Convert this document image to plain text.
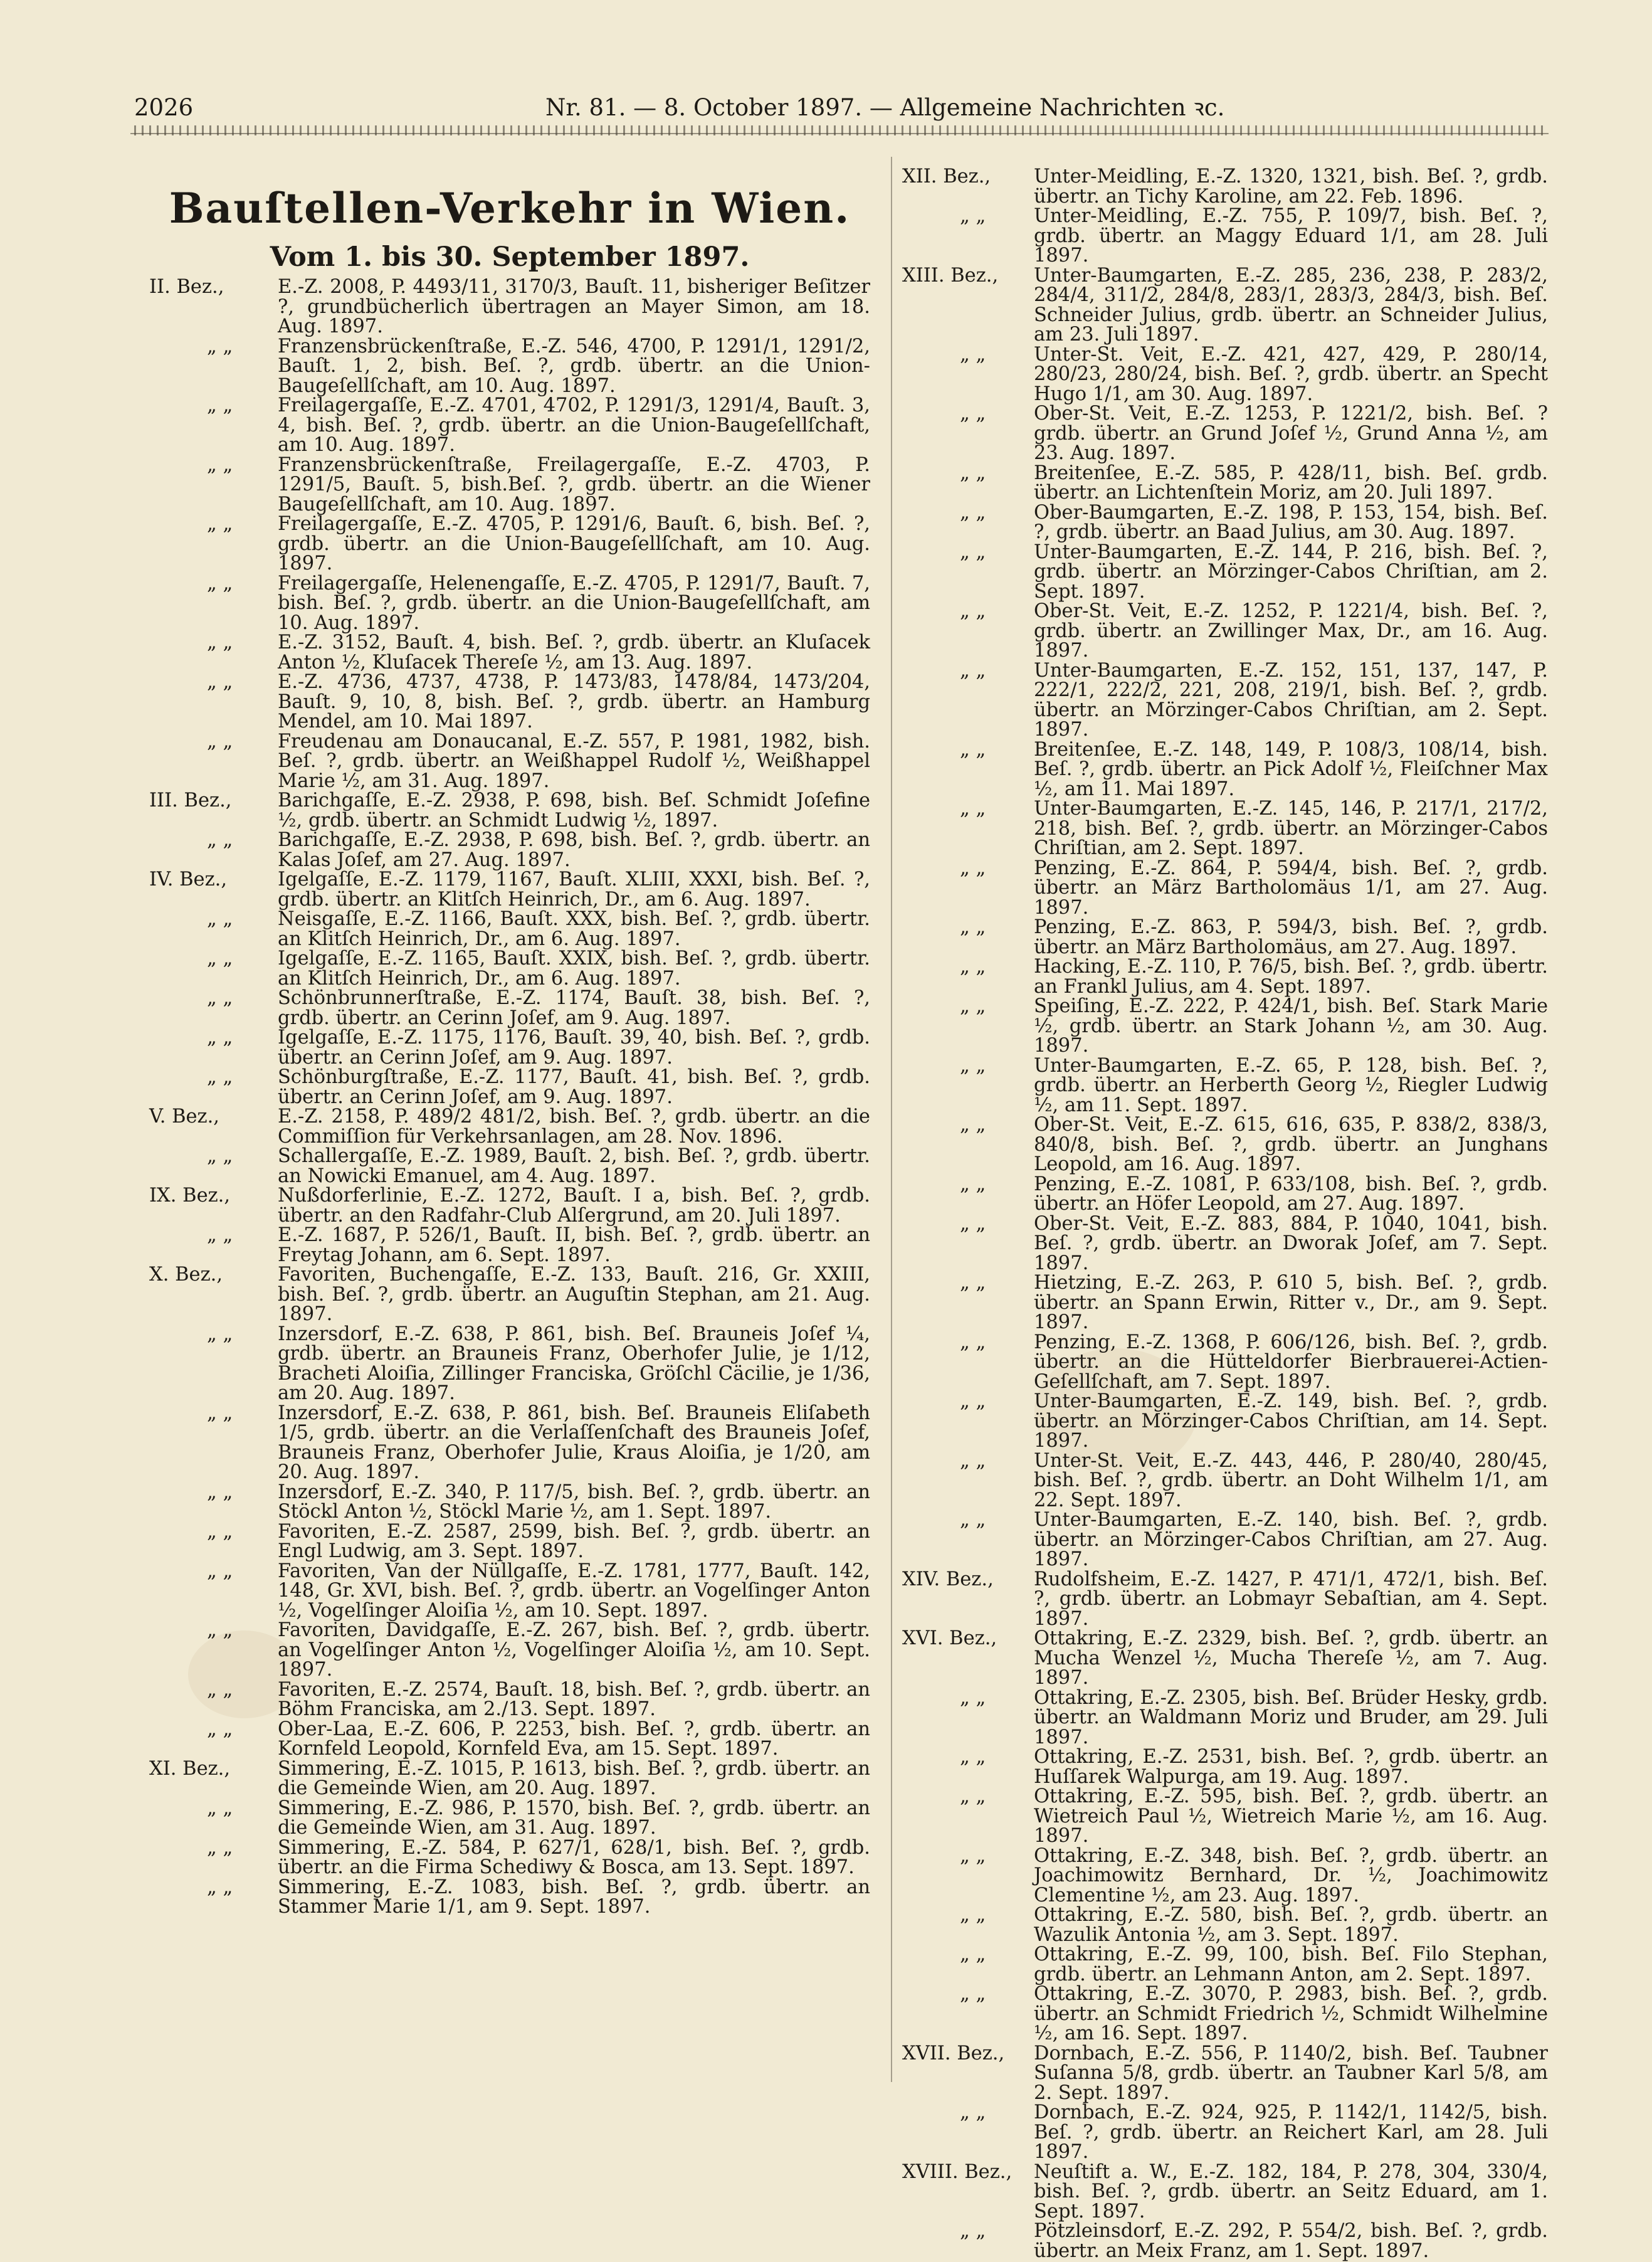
2026	Nr. 81. — 8. October 1897. — Allgemeine Nachrichten ꝛc.
Bauſtellen-Verkehr in Wien.
Vom 1. bis 30. September 1897.
II. Bez.,	E.-Z. 2008, P. 4493/11, 3170/3, Bauſt. 11, bisheriger Beſitzer ?, grundbücherlich übertragen an Mayer Simon, am 18. Aug. 1897.
„ „	Franzensbrückenſtraße, E.-Z. 546, 4700, P. 1291/1, 1291/2, Bauſt. 1, 2, bish. Beſ. ?, grdb. übertr. an die Union-Baugeſellſchaft, am 10. Aug. 1897.
„ „	Freilagergaſſe, E.-Z. 4701, 4702, P. 1291/3, 1291/4, Bauſt. 3, 4, bish. Beſ. ?, grdb. übertr. an die Union-Baugeſellſchaft, am 10. Aug. 1897.
„ „	Franzensbrückenſtraße, Freilagergaſſe, E.-Z. 4703, P. 1291/5, Bauſt. 5, bish.Beſ. ?, grdb. übertr. an die Wiener Baugeſellſchaft, am 10. Aug. 1897.
„ „	Freilagergaſſe, E.-Z. 4705, P. 1291/6, Bauſt. 6, bish. Beſ. ?, grdb. übertr. an die Union-Baugeſellſchaft, am 10. Aug. 1897.
„ „	Freilagergaſſe, Helenengaſſe, E.-Z. 4705, P. 1291/7, Bauſt. 7, bish. Beſ. ?, grdb. übertr. an die Union-Baugeſellſchaft, am 10. Aug. 1897.
„ „	E.-Z. 3152, Bauſt. 4, bish. Beſ. ?, grdb. übertr. an Kluſacek Anton ½, Kluſacek Thereſe ½, am 13. Aug. 1897.
„ „	E.-Z. 4736, 4737, 4738, P. 1473/83, 1478/84, 1473/204, Bauſt. 9, 10, 8, bish. Beſ. ?, grdb. übertr. an Hamburg Mendel, am 10. Mai 1897.
„ „	Freudenau am Donaucanal, E.-Z. 557, P. 1981, 1982, bish. Beſ. ?, grdb. übertr. an Weißhappel Rudolf ½, Weißhappel Marie ½, am 31. Aug. 1897.
III. Bez.,	Barichgaſſe, E.-Z. 2938, P. 698, bish. Beſ. Schmidt Joſefine ½, grdb. übertr. an Schmidt Ludwig ½, 1897.
„ „	Barichgaſſe, E.-Z. 2938, P. 698, bish. Beſ. ?, grdb. übertr. an Kalas Joſef, am 27. Aug. 1897.
IV. Bez.,	Igelgaſſe, E.-Z. 1179, 1167, Bauſt. XLIII, XXXI, bish. Beſ. ?, grdb. übertr. an Klitſch Heinrich, Dr., am 6. Aug. 1897.
„ „	Neisgaſſe, E.-Z. 1166, Bauſt. XXX, bish. Beſ. ?, grdb. übertr. an Klitſch Heinrich, Dr., am 6. Aug. 1897.
„ „	Igelgaſſe, E.-Z. 1165, Bauſt. XXIX, bish. Beſ. ?, grdb. übertr. an Klitſch Heinrich, Dr., am 6. Aug. 1897.
„ „	Schönbrunnerſtraße, E.-Z. 1174, Bauſt. 38, bish. Beſ. ?, grdb. übertr. an Cerinn Joſef, am 9. Aug. 1897.
„ „	Igelgaſſe, E.-Z. 1175, 1176, Bauſt. 39, 40, bish. Beſ. ?, grdb. übertr. an Cerinn Joſef, am 9. Aug. 1897.
„ „	Schönburgſtraße, E.-Z. 1177, Bauſt. 41, bish. Beſ. ?, grdb. übertr. an Cerinn Joſef, am 9. Aug. 1897.
V. Bez.,	E.-Z. 2158, P. 489/2 481/2, bish. Beſ. ?, grdb. übertr. an die Commiſſion für Verkehrsanlagen, am 28. Nov. 1896.
„ „	Schallergaſſe, E.-Z. 1989, Bauſt. 2, bish. Beſ. ?, grdb. übertr. an Nowicki Emanuel, am 4. Aug. 1897.
IX. Bez.,	Nußdorferlinie, E.-Z. 1272, Bauſt. I a, bish. Beſ. ?, grdb. übertr. an den Radfahr-Club Alſergrund, am 20. Juli 1897.
„ „	E.-Z. 1687, P. 526/1, Bauſt. II, bish. Beſ. ?, grdb. übertr. an Freytag Johann, am 6. Sept. 1897.
X. Bez.,	Favoriten, Buchengaſſe, E.-Z. 133, Bauſt. 216, Gr. XXIII, bish. Beſ. ?, grdb. übertr. an Auguſtin Stephan, am 21. Aug. 1897.
„ „	Inzersdorf, E.-Z. 638, P. 861, bish. Beſ. Brauneis Joſef ¼, grdb. übertr. an Brauneis Franz, Oberhofer Julie, je 1/12, Bracheti Aloiſia, Zillinger Franciska, Gröſchl Cäcilie, je 1/36, am 20. Aug. 1897.
„ „	Inzersdorf, E.-Z. 638, P. 861, bish. Beſ. Brauneis Eliſabeth 1/5, grdb. übertr. an die Verlaſſenſchaft des Brauneis Joſef, Brauneis Franz, Oberhofer Julie, Kraus Aloiſia, je 1/20, am 20. Aug. 1897.
„ „	Inzersdorf, E.-Z. 340, P. 117/5, bish. Beſ. ?, grdb. übertr. an Stöckl Anton ½, Stöckl Marie ½, am 1. Sept. 1897.
„ „	Favoriten, E.-Z. 2587, 2599, bish. Beſ. ?, grdb. übertr. an Engl Ludwig, am 3. Sept. 1897.
„ „	Favoriten, Van der Nüllgaſſe, E.-Z. 1781, 1777, Bauſt. 142, 148, Gr. XVI, bish. Beſ. ?, grdb. übertr. an Vogelſinger Anton ½, Vogelſinger Aloiſia ½, am 10. Sept. 1897.
„ „	Favoriten, Davidgaſſe, E.-Z. 267, bish. Beſ. ?, grdb. übertr. an Vogelſinger Anton ½, Vogelſinger Aloiſia ½, am 10. Sept. 1897.
„ „	Favoriten, E.-Z. 2574, Bauſt. 18, bish. Beſ. ?, grdb. übertr. an Böhm Franciska, am 2./13. Sept. 1897.
„ „	Ober-Laa, E.-Z. 606, P. 2253, bish. Beſ. ?, grdb. übertr. an Kornfeld Leopold, Kornfeld Eva, am 15. Sept. 1897.
XI. Bez.,	Simmering, E.-Z. 1015, P. 1613, bish. Beſ. ?, grdb. übertr. an die Gemeinde Wien, am 20. Aug. 1897.
„ „	Simmering, E.-Z. 986, P. 1570, bish. Beſ. ?, grdb. übertr. an die Gemeinde Wien, am 31. Aug. 1897.
„ „	Simmering, E.-Z. 584, P. 627/1, 628/1, bish. Beſ. ?, grdb. übertr. an die Firma Schediwy & Bosca, am 13. Sept. 1897.
„ „	Simmering, E.-Z. 1083, bish. Beſ. ?, grdb. übertr. an Stammer Marie 1/1, am 9. Sept. 1897.
XII. Bez.,	Unter-Meidling, E.-Z. 1320, 1321, bish. Beſ. ?, grdb. übertr. an Tichy Karoline, am 22. Feb. 1896.
„ „	Unter-Meidling, E.-Z. 755, P. 109/7, bish. Beſ. ?, grdb. übertr. an Maggy Eduard 1/1, am 28. Juli 1897.
XIII. Bez.,	Unter-Baumgarten, E.-Z. 285, 236, 238, P. 283/2, 284/4, 311/2, 284/8, 283/1, 283/3, 284/3, bish. Beſ. Schneider Julius, grdb. übertr. an Schneider Julius, am 23. Juli 1897.
„ „	Unter-St. Veit, E.-Z. 421, 427, 429, P. 280/14, 280/23, 280/24, bish. Beſ. ?, grdb. übertr. an Specht Hugo 1/1, am 30. Aug. 1897.
„ „	Ober-St. Veit, E.-Z. 1253, P. 1221/2, bish. Beſ. ? grdb. übertr. an Grund Joſef ½, Grund Anna ½, am 23. Aug. 1897.
„ „	Breitenſee, E.-Z. 585, P. 428/11, bish. Beſ. grdb. übertr. an Lichtenſtein Moriz, am 20. Juli 1897.
„ „	Ober-Baumgarten, E.-Z. 198, P. 153, 154, bish. Beſ. ?, grdb. übertr. an Baad Julius, am 30. Aug. 1897.
„ „	Unter-Baumgarten, E.-Z. 144, P. 216, bish. Beſ. ?, grdb. übertr. an Mörzinger-Cabos Chriſtian, am 2. Sept. 1897.
„ „	Ober-St. Veit, E.-Z. 1252, P. 1221/4, bish. Beſ. ?, grdb. übertr. an Zwillinger Max, Dr., am 16. Aug. 1897.
„ „	Unter-Baumgarten, E.-Z. 152, 151, 137, 147, P. 222/1, 222/2, 221, 208, 219/1, bish. Beſ. ?, grdb. übertr. an Mörzinger-Cabos Chriſtian, am 2. Sept. 1897.
„ „	Breitenſee, E.-Z. 148, 149, P. 108/3, 108/14, bish. Beſ. ?, grdb. übertr. an Pick Adolf ½, Fleiſchner Max ½, am 11. Mai 1897.
„ „	Unter-Baumgarten, E.-Z. 145, 146, P. 217/1, 217/2, 218, bish. Beſ. ?, grdb. übertr. an Mörzinger-Cabos Chriſtian, am 2. Sept. 1897.
„ „	Penzing, E.-Z. 864, P. 594/4, bish. Beſ. ?, grdb. übertr. an März Bartholomäus 1/1, am 27. Aug. 1897.
„ „	Penzing, E.-Z. 863, P. 594/3, bish. Beſ. ?, grdb. übertr. an März Bartholomäus, am 27. Aug. 1897.
„ „	Hacking, E.-Z. 110, P. 76/5, bish. Beſ. ?, grdb. übertr. an Frankl Julius, am 4. Sept. 1897.
„ „	Speiſing, E.-Z. 222, P. 424/1, bish. Beſ. Stark Marie ½, grdb. übertr. an Stark Johann ½, am 30. Aug. 1897.
„ „	Unter-Baumgarten, E.-Z. 65, P. 128, bish. Beſ. ?, grdb. übertr. an Herberth Georg ½, Riegler Ludwig ½, am 11. Sept. 1897.
„ „	Ober-St. Veit, E.-Z. 615, 616, 635, P. 838/2, 838/3, 840/8, bish. Beſ. ?, grdb. übertr. an Junghans Leopold, am 16. Aug. 1897.
„ „	Penzing, E.-Z. 1081, P. 633/108, bish. Beſ. ?, grdb. übertr. an Höfer Leopold, am 27. Aug. 1897.
„ „	Ober-St. Veit, E.-Z. 883, 884, P. 1040, 1041, bish. Beſ. ?, grdb. übertr. an Dworak Joſef, am 7. Sept. 1897.
„ „	Hietzing, E.-Z. 263, P. 610 5, bish. Beſ. ?, grdb. übertr. an Spann Erwin, Ritter v., Dr., am 9. Sept. 1897.
„ „	Penzing, E.-Z. 1368, P. 606/126, bish. Beſ. ?, grdb. übertr. an die Hütteldorfer Bierbrauerei-Actien-Geſellſchaft, am 7. Sept. 1897.
„ „	Unter-Baumgarten, E.-Z. 149, bish. Beſ. ?, grdb. übertr. an Mörzinger-Cabos Chriſtian, am 14. Sept. 1897.
„ „	Unter-St. Veit, E.-Z. 443, 446, P. 280/40, 280/45, bish. Beſ. ?, grdb. übertr. an Doht Wilhelm 1/1, am 22. Sept. 1897.
„ „	Unter-Baumgarten, E.-Z. 140, bish. Beſ. ?, grdb. übertr. an Mörzinger-Cabos Chriſtian, am 27. Aug. 1897.
XIV. Bez.,	Rudolfsheim, E.-Z. 1427, P. 471/1, 472/1, bish. Beſ. ?, grdb. übertr. an Lobmayr Sebaſtian, am 4. Sept. 1897.
XVI. Bez.,	Ottakring, E.-Z. 2329, bish. Beſ. ?, grdb. übertr. an Mucha Wenzel ½, Mucha Thereſe ½, am 7. Aug. 1897.
„ „	Ottakring, E.-Z. 2305, bish. Beſ. Brüder Hesky, grdb. übertr. an Waldmann Moriz und Bruder, am 29. Juli 1897.
„ „	Ottakring, E.-Z. 2531, bish. Beſ. ?, grdb. übertr. an Huſſarek Walpurga, am 19. Aug. 1897.
„ „	Ottakring, E.-Z. 595, bish. Beſ. ?, grdb. übertr. an Wietreich Paul ½, Wietreich Marie ½, am 16. Aug. 1897.
„ „	Ottakring, E.-Z. 348, bish. Beſ. ?, grdb. übertr. an Joachimowitz Bernhard, Dr. ½, Joachimowitz Clementine ½, am 23. Aug. 1897.
„ „	Ottakring, E.-Z. 580, bish. Beſ. ?, grdb. übertr. an Wazulik Antonia ½, am 3. Sept. 1897.
„ „	Ottakring, E.-Z. 99, 100, bish. Beſ. Filo Stephan, grdb. übertr. an Lehmann Anton, am 2. Sept. 1897.
„ „	Ottakring, E.-Z. 3070, P. 2983, bish. Beſ. ?, grdb. übertr. an Schmidt Friedrich ½, Schmidt Wilhelmine ½, am 16. Sept. 1897.
XVII. Bez.,	Dornbach, E.-Z. 556, P. 1140/2, bish. Beſ. Taubner Suſanna 5/8, grdb. übertr. an Taubner Karl 5/8, am 2. Sept. 1897.
„ „	Dornbach, E.-Z. 924, 925, P. 1142/1, 1142/5, bish. Beſ. ?, grdb. übertr. an Reichert Karl, am 28. Juli 1897.
XVIII. Bez.,	Neuſtift a. W., E.-Z. 182, 184, P. 278, 304, 330/4, bish. Beſ. ?, grdb. übertr. an Seitz Eduard, am 1. Sept. 1897.
„ „	Pötzleinsdorf, E.-Z. 292, P. 554/2, bish. Beſ. ?, grdb. übertr. an Meix Franz, am 1. Sept. 1897.
